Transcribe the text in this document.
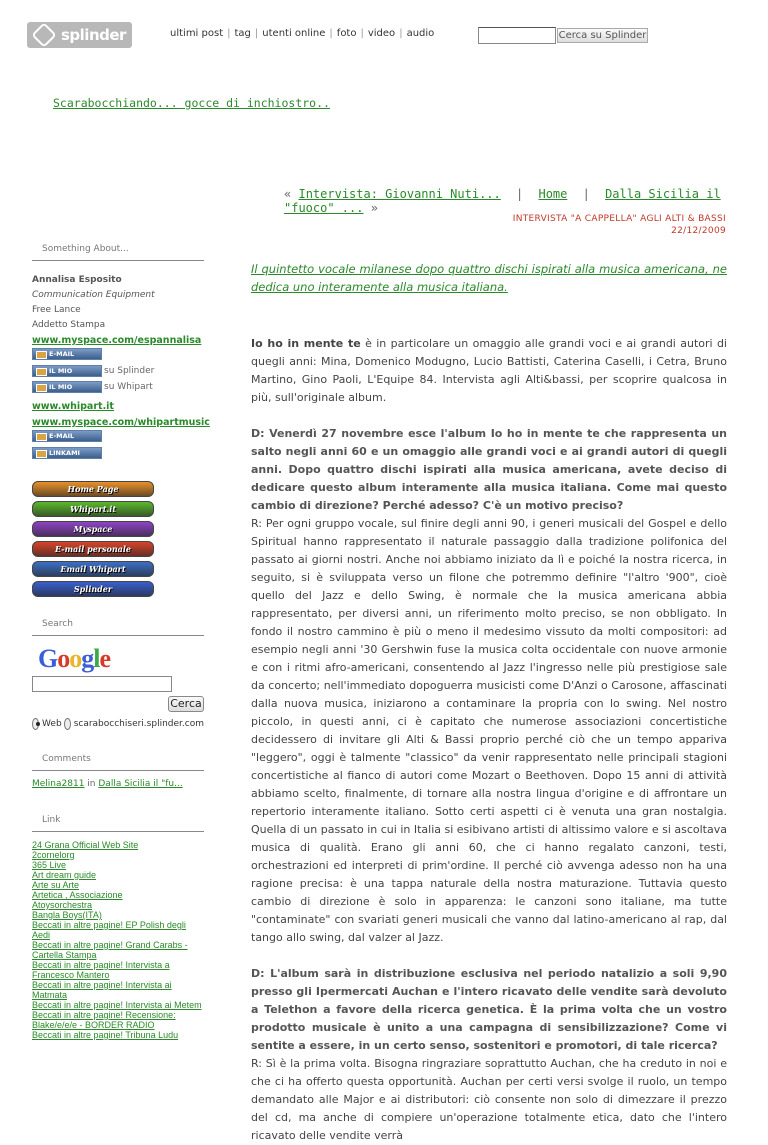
splinder	ultimi post | tag | utenti online | foto | video | audio	Cerca su Splinder
Scarabocchiando... gocce di inchiostro..
« Intervista: Giovanni Nuti... | Home | Dalla Sicilia il "fuoco" ... »
INTERVISTA "A CAPPELLA" AGLI ALTI & BASSI
22/12/2009
Something About...
Annalisa Esposito
Communication Equipment
Free Lance
Addetto Stampa
www.myspace.com/espannalisa
E-MAIL
IL MIO	su Splinder
IL MIO PROFILO
su Whipart
www.whipart.it
www.myspace.com/whipartmusic
E-MAIL
LINKAMI
Home Page
Whipart.it
Myspace
E-mail personale
Email Whipart
Splinder
Search
Google
Cerca
Web scarabocchiseri.splinder.com
Comments
Melina2811 in Dalla Sicilia il "fu...
Link
24 Grana Official Web Site
2cornelorg
365 Live
Art dream guide
Arte su Arte
Artetica , Associazione
Atoysorchestra
Bangla Boys(ITA)
Beccati in altre pagine! EP Polish degli Aedi
Beccati in altre pagine! Grand Carabs - Cartella Stampa
Beccati in altre pagine! Intervista a Francesco Mantero
Beccati in altre pagine! Intervista ai Matmata
Beccati in altre pagine! Intervista ai Metem
Beccati in altre pagine! Recensione: Blake/e/e/e - BORDER RADIO
Beccati in altre pagine! Tribuna Ludu
Il quintetto vocale milanese dopo quattro dischi ispirati alla musica americana, ne dedica uno interamente alla musica italiana.
Io ho in mente te è in particolare un omaggio alle grandi voci e ai grandi autori di quegli anni: Mina, Domenico Modugno, Lucio Battisti, Caterina Caselli, i Cetra, Bruno Martino, Gino Paoli, L'Equipe 84. Intervista agli Alti&bassi, per scoprire qualcosa in più, sull'originale album.
D: Venerdì 27 novembre esce l'album Io ho in mente te che rappresenta un salto negli anni 60 e un omaggio alle grandi voci e ai grandi autori di quegli anni. Dopo quattro dischi ispirati alla musica americana, avete deciso di dedicare questo album interamente alla musica italiana. Come mai questo cambio di direzione? Perché adesso? C'è un motivo preciso?
R: Per ogni gruppo vocale, sul finire degli anni 90, i generi musicali del Gospel e dello Spiritual hanno rappresentato il naturale passaggio dalla tradizione polifonica del passato ai giorni nostri. Anche noi abbiamo iniziato da lì e poiché la nostra ricerca, in seguito, si è sviluppata verso un filone che potremmo definire "l'altro '900", cioè quello del Jazz e dello Swing, è normale che la musica americana abbia rappresentato, per diversi anni, un riferimento molto preciso, se non obbligato. In fondo il nostro cammino è più o meno il medesimo vissuto da molti compositori: ad esempio negli anni '30 Gershwin fuse la musica colta occidentale con nuove armonie e con i ritmi afro-americani, consentendo al Jazz l'ingresso nelle più prestigiose sale da concerto; nell'immediato dopoguerra musicisti come D'Anzi o Carosone, affascinati dalla nuova musica, iniziarono a contaminare la propria con lo swing. Nel nostro piccolo, in questi anni, ci è capitato che numerose associazioni concertistiche decidessero di invitare gli Alti & Bassi proprio perché ciò che un tempo appariva "leggero", oggi è talmente "classico" da venir rappresentato nelle principali stagioni concertistiche al fianco di autori come Mozart o Beethoven. Dopo 15 anni di attività abbiamo scelto, finalmente, di tornare alla nostra lingua d'origine e di affrontare un repertorio interamente italiano. Sotto certi aspetti ci è venuta una gran nostalgia. Quella di un passato in cui in Italia si esibivano artisti di altissimo valore e si ascoltava musica di qualità. Erano gli anni 60, che ci hanno regalato canzoni, testi, orchestrazioni ed interpreti di prim'ordine. Il perché ciò avvenga adesso non ha una ragione precisa: è una tappa naturale della nostra maturazione. Tuttavia questo cambio di direzione è solo in apparenza: le canzoni sono italiane, ma tutte "contaminate" con svariati generi musicali che vanno dal latino-americano al rap, dal tango allo swing, dal valzer al Jazz.
D: L'album sarà in distribuzione esclusiva nel periodo natalizio a soli 9,90 presso gli Ipermercati Auchan e l'intero ricavato delle vendite sarà devoluto a Telethon a favore della ricerca genetica. È la prima volta che un vostro prodotto musicale è unito a una campagna di sensibilizzazione? Come vi sentite a essere, in un certo senso, sostenitori e promotori, di tale ricerca?
R: Sì è la prima volta. Bisogna ringraziare soprattutto Auchan, che ha creduto in noi e che ci ha offerto questa opportunità. Auchan per certi versi svolge il ruolo, un tempo demandato alle Major e ai distributori: ciò consente non solo di dimezzare il prezzo del cd, ma anche di compiere un'operazione totalmente etica, dato che l'intero ricavato delle vendite verrà
